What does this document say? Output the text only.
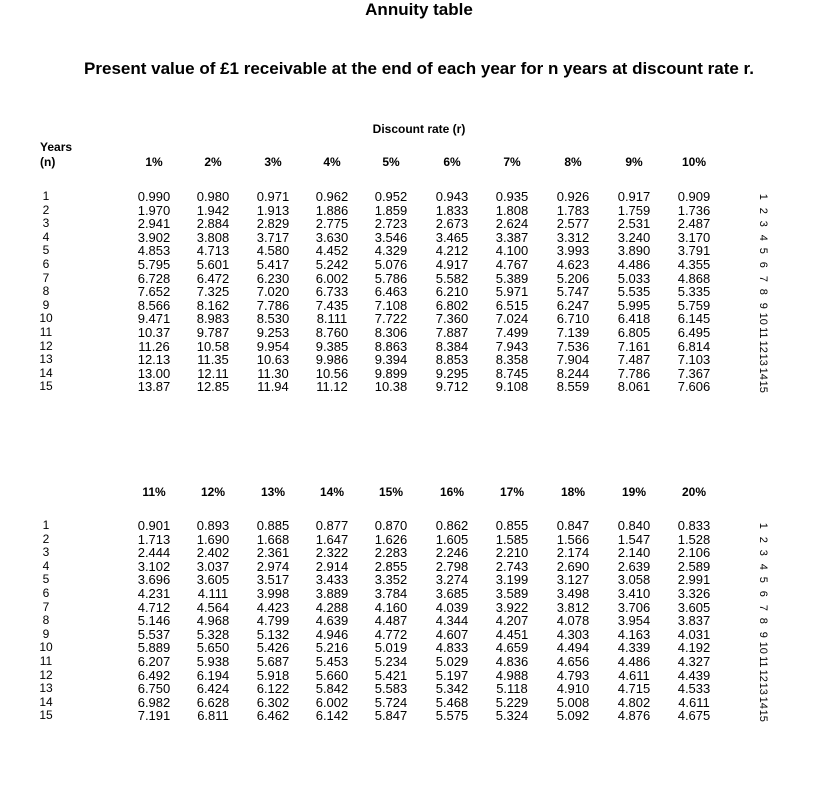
Annuity table
Present value of £1 receivable at the end of each year for n years at discount rate r.
Discount rate (r)
Years
(n)	1%	2%	3%	4%	5%	6%	7%	8%	9%	10%
1	0.990	0.980	0.971	0.962	0.952	0.943	0.935	0.926	0.917	0.909	1
2	1.970	1.942	1.913	1.886	1.859	1.833	1.808	1.783	1.759	1.736	2
3	2.941	2.884	2.829	2.775	2.723	2.673	2.624	2.577	2.531	2.487	3
4	3.902	3.808	3.717	3.630	3.546	3.465	3.387	3.312	3.240	3.170	4
5	4.853	4.713	4.580	4.452	4.329	4.212	4.100	3.993	3.890	3.791	5
6	5.795	5.601	5.417	5.242	5.076	4.917	4.767	4.623	4.486	4.355	6
7	6.728	6.472	6.230	6.002	5.786	5.582	5.389	5.206	5.033	4.868	7
8	7.652	7.325	7.020	6.733	6.463	6.210	5.971	5.747	5.535	5.335	8
9	8.566	8.162	7.786	7.435	7.108	6.802	6.515	6.247	5.995	5.759	9
10	9.471	8.983	8.530	8.111	7.722	7.360	7.024	6.710	6.418	6.145	10
11	10.37	9.787	9.253	8.760	8.306	7.887	7.499	7.139	6.805	6.495	11
12	11.26	10.58	9.954	9.385	8.863	8.384	7.943	7.536	7.161	6.814	12
13	12.13	11.35	10.63	9.986	9.394	8.853	8.358	7.904	7.487	7.103	13
14	13.00	12.11	11.30	10.56	9.899	9.295	8.745	8.244	7.786	7.367	14
15	13.87	12.85	11.94	11.12	10.38	9.712	9.108	8.559	8.061	7.606	15
11%	12%	13%	14%	15%	16%	17%	18%	19%	20%
1	0.901	0.893	0.885	0.877	0.870	0.862	0.855	0.847	0.840	0.833	1
2	1.713	1.690	1.668	1.647	1.626	1.605	1.585	1.566	1.547	1.528	2
3	2.444	2.402	2.361	2.322	2.283	2.246	2.210	2.174	2.140	2.106	3
4	3.102	3.037	2.974	2.914	2.855	2.798	2.743	2.690	2.639	2.589	4
5	3.696	3.605	3.517	3.433	3.352	3.274	3.199	3.127	3.058	2.991	5
6	4.231	4.111	3.998	3.889	3.784	3.685	3.589	3.498	3.410	3.326	6
7	4.712	4.564	4.423	4.288	4.160	4.039	3.922	3.812	3.706	3.605	7
8	5.146	4.968	4.799	4.639	4.487	4.344	4.207	4.078	3.954	3.837	8
9	5.537	5.328	5.132	4.946	4.772	4.607	4.451	4.303	4.163	4.031	9
10	5.889	5.650	5.426	5.216	5.019	4.833	4.659	4.494	4.339	4.192	10
11	6.207	5.938	5.687	5.453	5.234	5.029	4.836	4.656	4.486	4.327	11
12	6.492	6.194	5.918	5.660	5.421	5.197	4.988	4.793	4.611	4.439	12
13	6.750	6.424	6.122	5.842	5.583	5.342	5.118	4.910	4.715	4.533	13
14	6.982	6.628	6.302	6.002	5.724	5.468	5.229	5.008	4.802	4.611	14
15	7.191	6.811	6.462	6.142	5.847	5.575	5.324	5.092	4.876	4.675	15
